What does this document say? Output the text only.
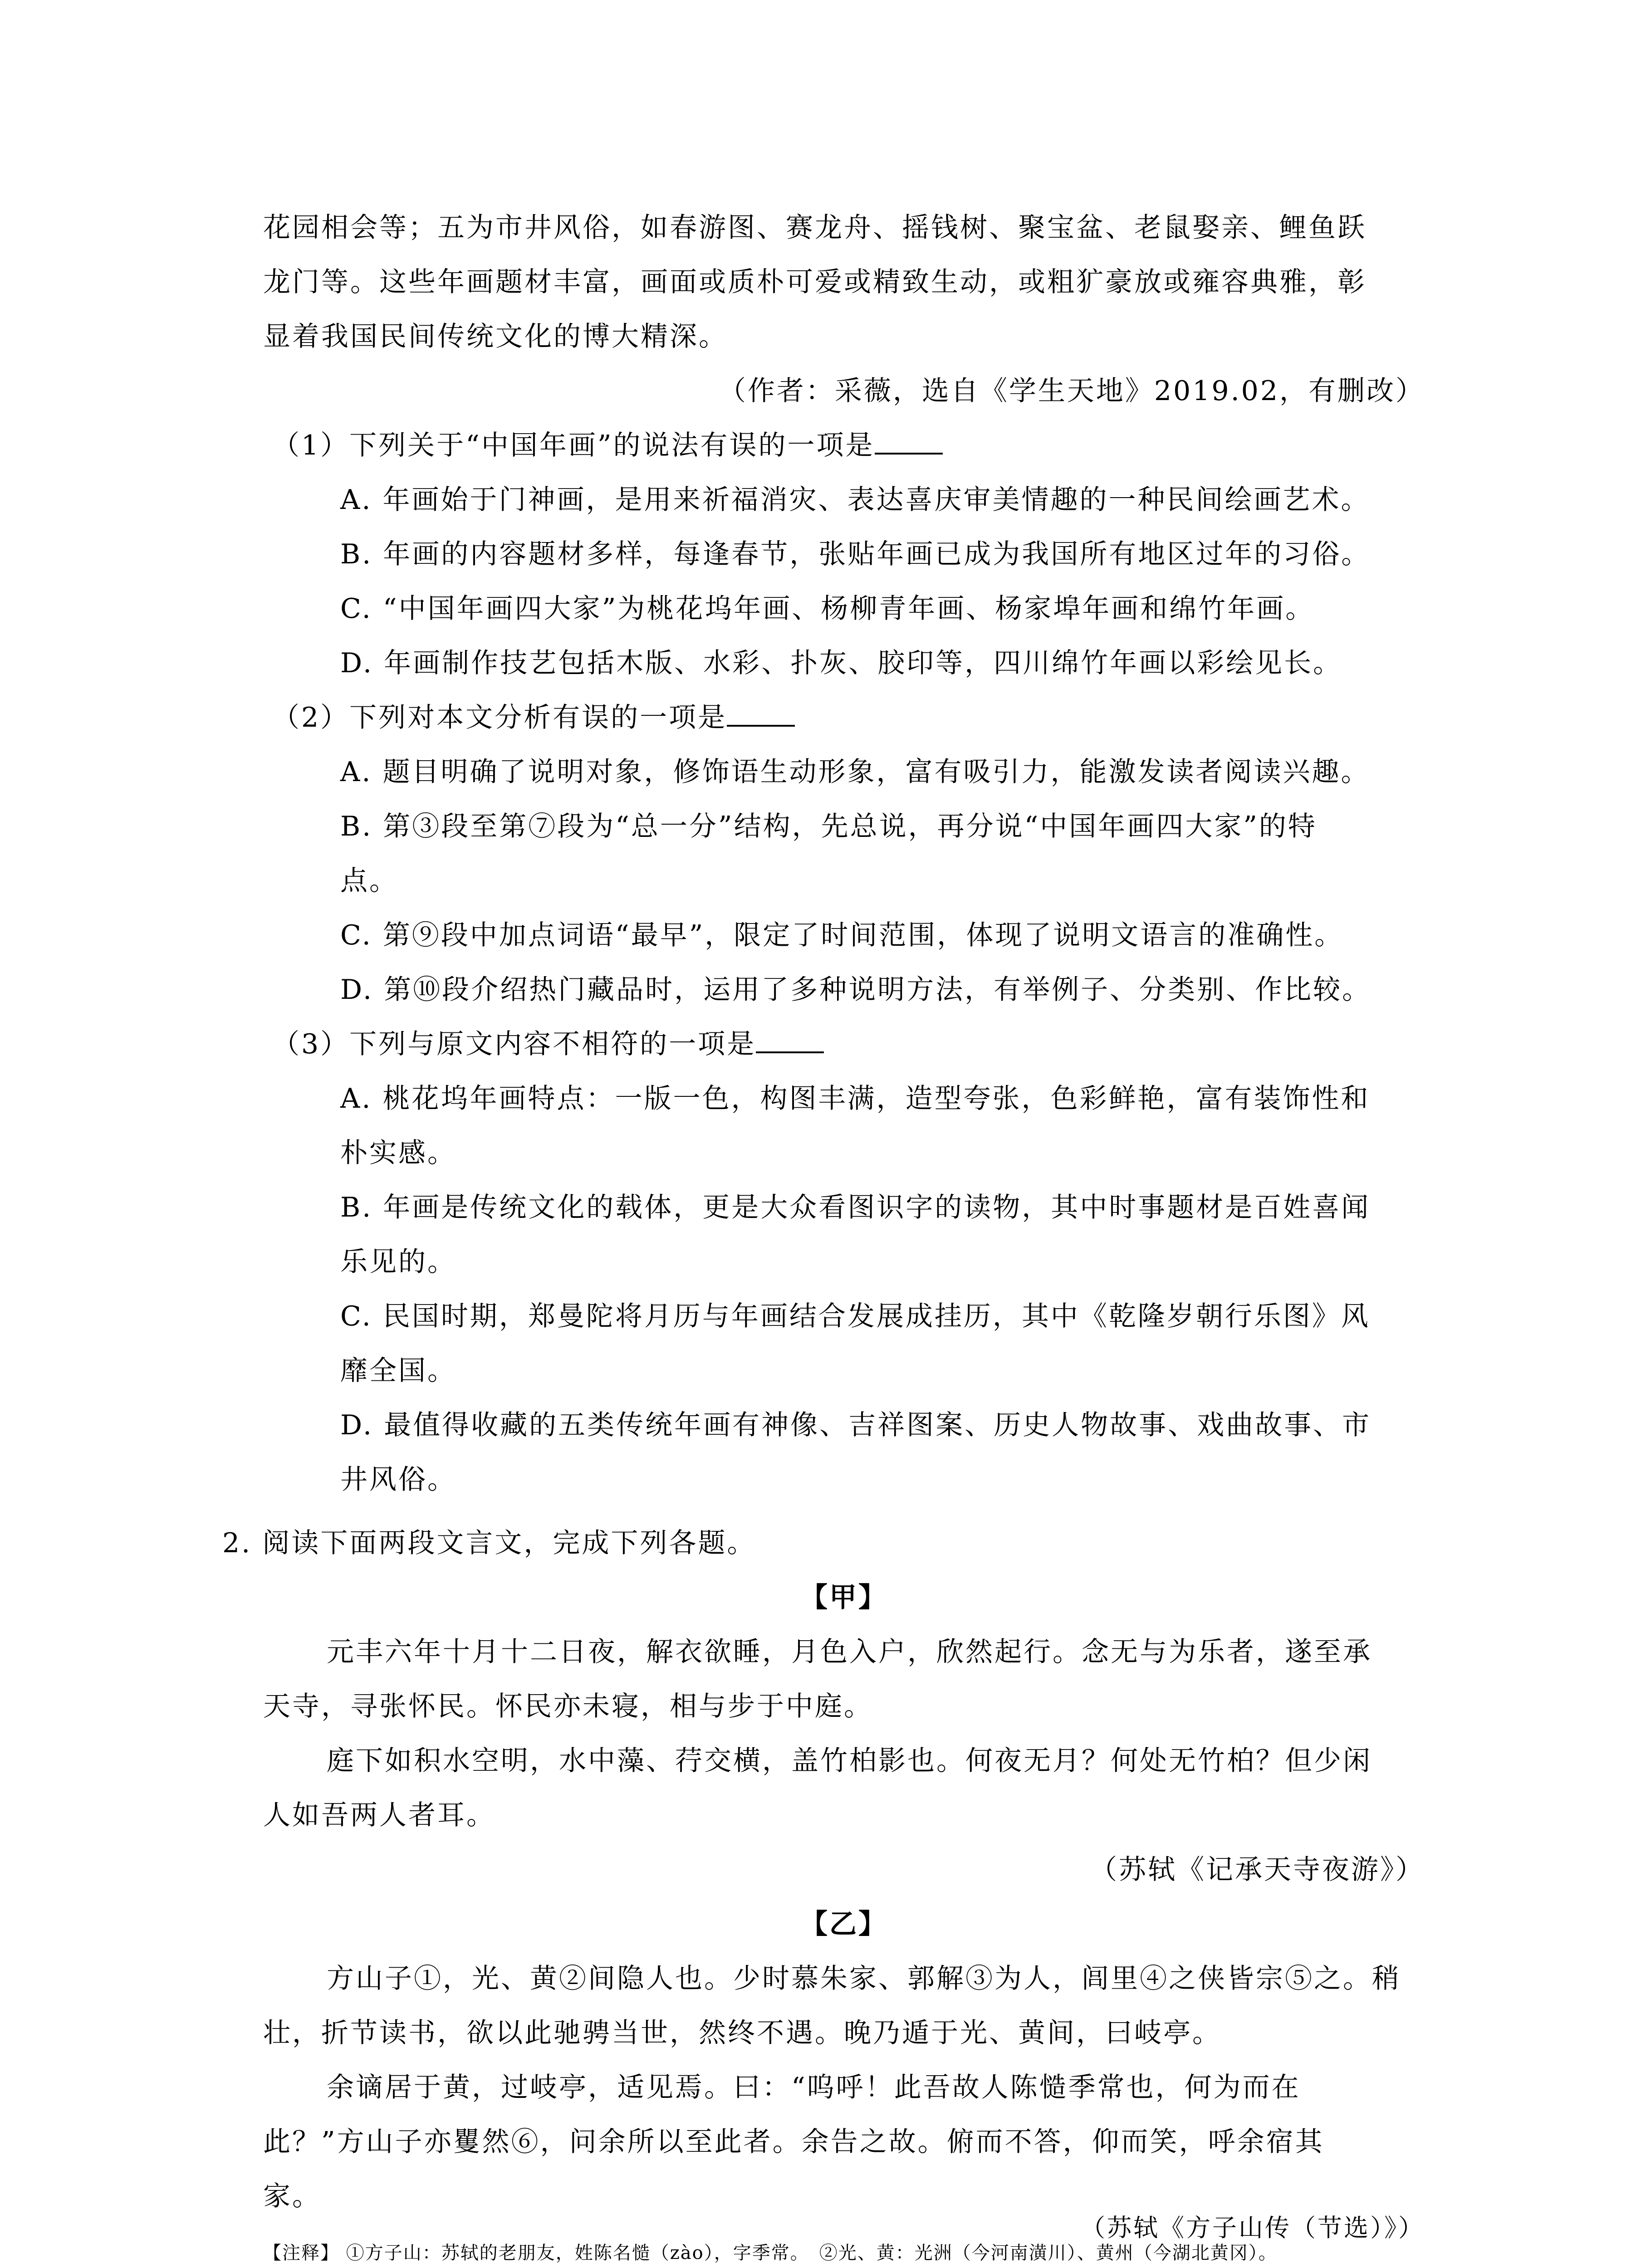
花园相会等；五为市井风俗，如春游图、赛龙舟、摇钱树、聚宝盆、老鼠娶亲、鲤鱼跃
龙门等。这些年画题材丰富，画面或质朴可爱或精致生动，或粗犷豪放或雍容典雅，彰
显着我国民间传统文化的博大精深。
（作者：采薇，选自《学生天地》2019.02，有删改）
（1）下列关于“中国年画”的说法有误的一项是
A. 年画始于门神画，是用来祈福消灾、表达喜庆审美情趣的一种民间绘画艺术。
B. 年画的内容题材多样，每逢春节，张贴年画已成为我国所有地区过年的习俗。
C. “中国年画四大家”为桃花坞年画、杨柳青年画、杨家埠年画和绵竹年画。
D. 年画制作技艺包括木版、水彩、扑灰、胶印等，四川绵竹年画以彩绘见长。
（2）下列对本文分析有误的一项是
A. 题目明确了说明对象，修饰语生动形象，富有吸引力，能激发读者阅读兴趣。
B. 第③段至第⑦段为“总一分”结构，先总说，再分说“中国年画四大家”的特
点。
C. 第⑨段中加点词语“最早”，限定了时间范围，体现了说明文语言的准确性。
D. 第⑩段介绍热门藏品时，运用了多种说明方法，有举例子、分类别、作比较。
（3）下列与原文内容不相符的一项是
A. 桃花坞年画特点：一版一色，构图丰满，造型夸张，色彩鲜艳，富有装饰性和
朴实感。
B. 年画是传统文化的载体，更是大众看图识字的读物，其中时事题材是百姓喜闻
乐见的。
C. 民国时期，郑曼陀将月历与年画结合发展成挂历，其中《乾隆岁朝行乐图》风
靡全国。
D. 最值得收藏的五类传统年画有神像、吉祥图案、历史人物故事、戏曲故事、市
井风俗。
2. 阅读下面两段文言文，完成下列各题。
【甲】
元丰六年十月十二日夜，解衣欲睡，月色入户，欣然起行。念无与为乐者，遂至承
天寺，寻张怀民。怀民亦未寝，相与步于中庭。
庭下如积水空明，水中藻、荇交横，盖竹柏影也。何夜无月？何处无竹柏？但少闲
人如吾两人者耳。
（苏轼《记承天寺夜游》）
【乙】
方山子①，光、黄②间隐人也。少时慕朱家、郭解③为人，闾里④之侠皆宗⑤之。稍
壮，折节读书，欲以此驰骋当世，然终不遇。晚乃遁于光、黄间，曰岐亭。
余谪居于黄，过岐亭，适见焉。曰：“呜呼！此吾故人陈慥季常也，何为而在
此？”方山子亦矍然⑥，问余所以至此者。余告之故。俯而不答，仰而笑，呼余宿其
家。
（苏轼《方子山传（节选）》）
【注释】 ①方子山：苏轼的老朋友，姓陈名慥（zào），字季常。　 ②光、黄：光洲（今河南潢川）、黄州（今湖北黄冈）。
